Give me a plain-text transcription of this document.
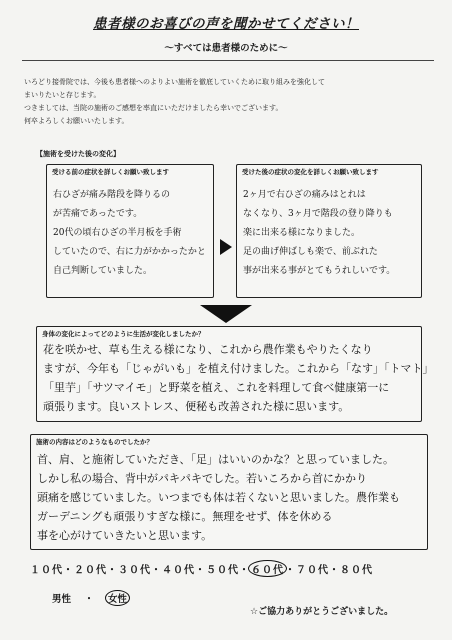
患者様のお喜びの声を聞かせてください！
〜すべては患者様のために〜
いろどり接骨院では、今後も患者様へのよりよい施術を徹底していくために取り組みを強化して
まいりたいと存じます。
つきましては、当院の施術のご感想を率直にいただけましたら幸いでございます。
何卒よろしくお願いいたします。
【施術を受けた後の変化】
受ける前の症状を詳しくお願い致します
右ひざが痛み階段を降りるの
が苦痛であったです。
20代の頃右ひざの半月板を手術
していたので、右に力がかかったかと
自己判断していました。
受けた後の症状の変化を詳しくお願い致します
2ヶ月で右ひざの痛みはとれは
なくなり、3ヶ月で階段の登り降りも
楽に出来る様になりました。
足の曲げ伸ばしも楽で、前ぶれた
事が出来る事がとてもうれしいです。
身体の変化によってどのように生活が変化しましたか？
花を咲かせ、草も生える様になり、これから農作業もやりたくなり
ますが、今年も「じゃがいも」を植え付けました。これから「なす」「トマト」
「里芋」「サツマイモ」と野菜を植え、これを料理して食べ健康第一に
頑張ります。良いストレス、便秘も改善された様に思います。
施術の内容はどのようなものでしたか？
首、肩、と施術していただき、「足」はいいのかな？と思っていました。
しかし私の場合、背中がパキパキでした。若いころから首にかかり
頭痛を感じていました。いつまでも体は若くないと思いました。農作業も
ガーデニングも頑張りすぎな様に。無理をせず、体を休める
事を心がけていきたいと思います。
１０代・２０代・３０代・４０代・５０代・６０代・７０代・８０代
男性 ・ 女性
☆ご協力ありがとうございました。
